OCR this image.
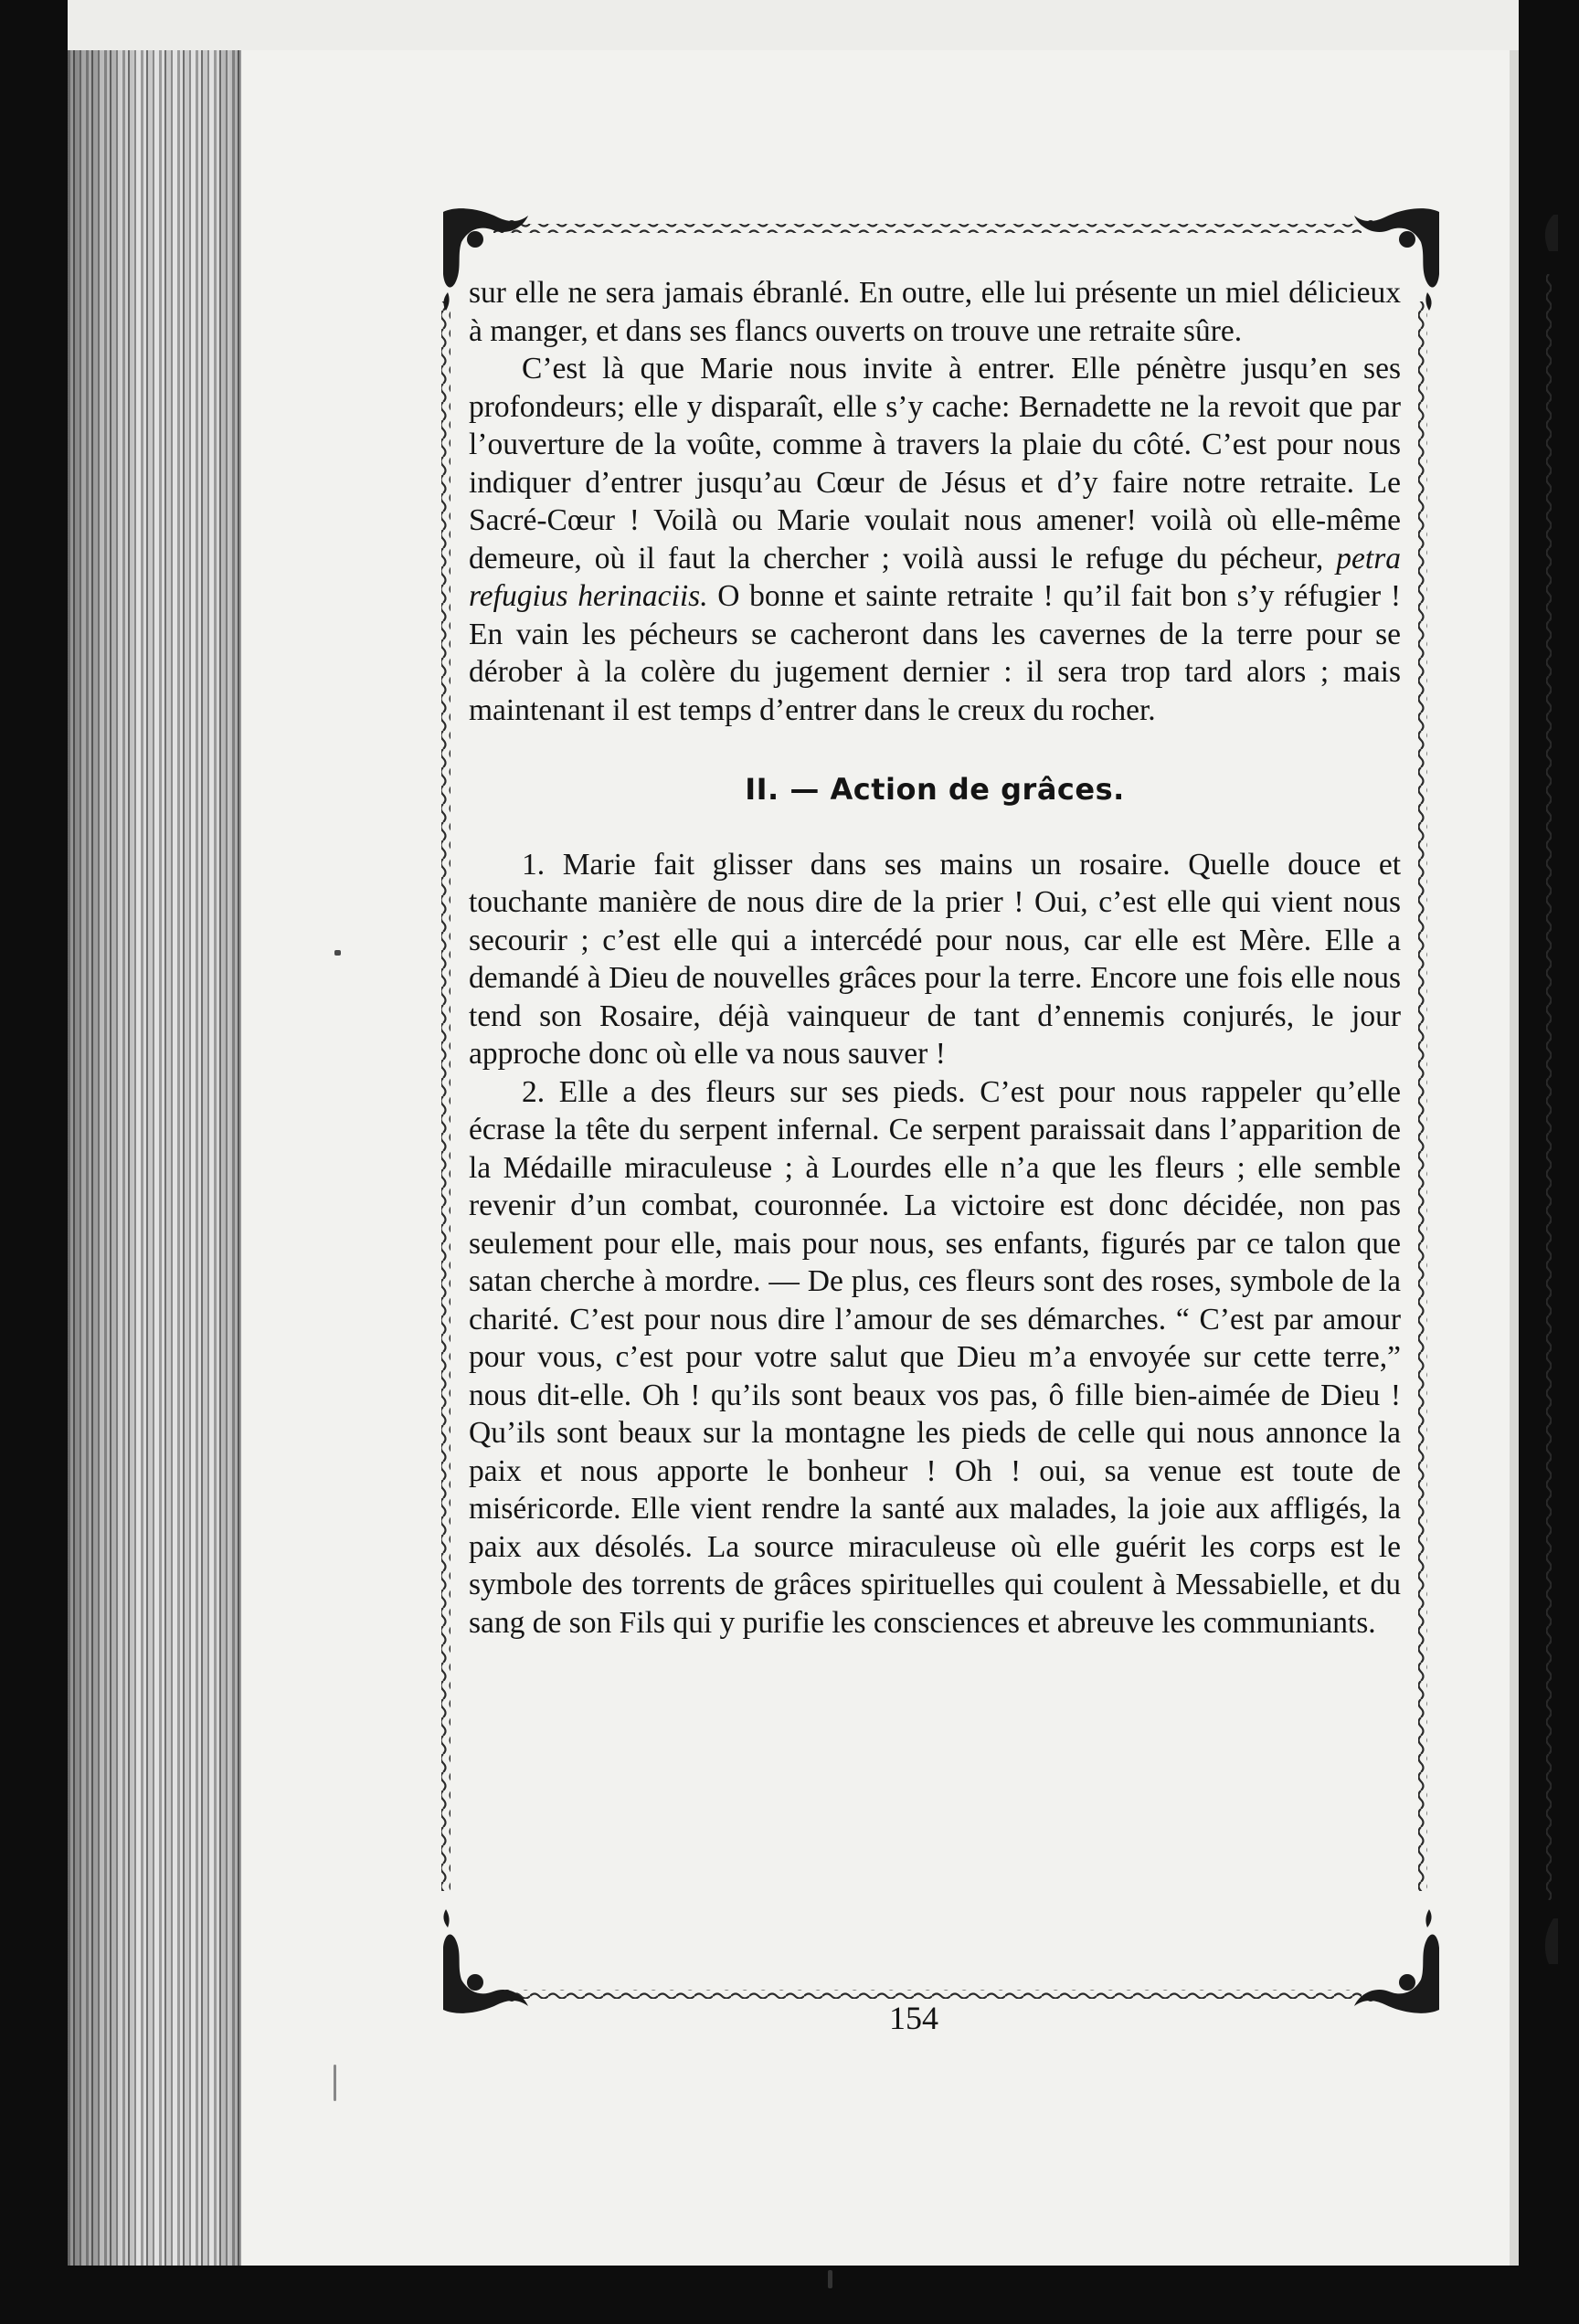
sur elle ne sera jamais ébranlé. En outre, elle lui présente un miel délicieux à manger, et dans ses flancs ouverts on trouve une retraite sûre.

C’est là que Marie nous invite à entrer. Elle pénètre jusqu’en ses profondeurs; elle y disparaît, elle s’y cache: Bernadette ne la revoit que par l’ouverture de la voûte, comme à travers la plaie du côté. C’est pour nous indiquer d’entrer jusqu’au Cœur de Jésus et d’y faire notre retraite. Le Sacré-Cœur ! Voilà ou Marie voulait nous amener! voilà où elle-même demeure, où il faut la chercher ; voilà aussi le refuge du pécheur, petra refugius herinaciis. O bonne et sainte retraite ! qu’il fait bon s’y réfugier ! En vain les pécheurs se cacheront dans les cavernes de la terre pour se dérober à la colère du jugement dernier : il sera trop tard alors ; mais maintenant il est temps d’entrer dans le creux du rocher.

II. — Action de grâces.

1. Marie fait glisser dans ses mains un rosaire. Quelle douce et touchante manière de nous dire de la prier ! Oui, c’est elle qui vient nous secourir ; c’est elle qui a intercédé pour nous, car elle est Mère. Elle a demandé à Dieu de nouvelles grâces pour la terre. Encore une fois elle nous tend son Rosaire, déjà vainqueur de tant d’ennemis conjurés, le jour approche donc où elle va nous sauver !

2. Elle a des fleurs sur ses pieds. C’est pour nous rappeler qu’elle écrase la tête du serpent infernal. Ce serpent paraissait dans l’apparition de la Médaille miraculeuse ; à Lourdes elle n’a que les fleurs ; elle semble revenir d’un combat, couronnée. La victoire est donc décidée, non pas seulement pour elle, mais pour nous, ses enfants, figurés par ce talon que satan cherche à mordre. — De plus, ces fleurs sont des roses, symbole de la charité. C’est pour nous dire l’amour de ses démarches. “ C’est par amour pour vous, c’est pour votre salut que Dieu m’a envoyée sur cette terre,” nous dit-elle. Oh ! qu’ils sont beaux vos pas, ô fille bien-aimée de Dieu ! Qu’ils sont beaux sur la montagne les pieds de celle qui nous annonce la paix et nous apporte le bonheur ! Oh ! oui, sa venue est toute de miséricorde. Elle vient rendre la santé aux malades, la joie aux affligés, la paix aux désolés. La source miraculeuse où elle guérit les corps est le symbole des torrents de grâces spirituelles qui coulent à Messabielle, et du sang de son Fils qui y purifie les consciences et abreuve les communiants.

154
